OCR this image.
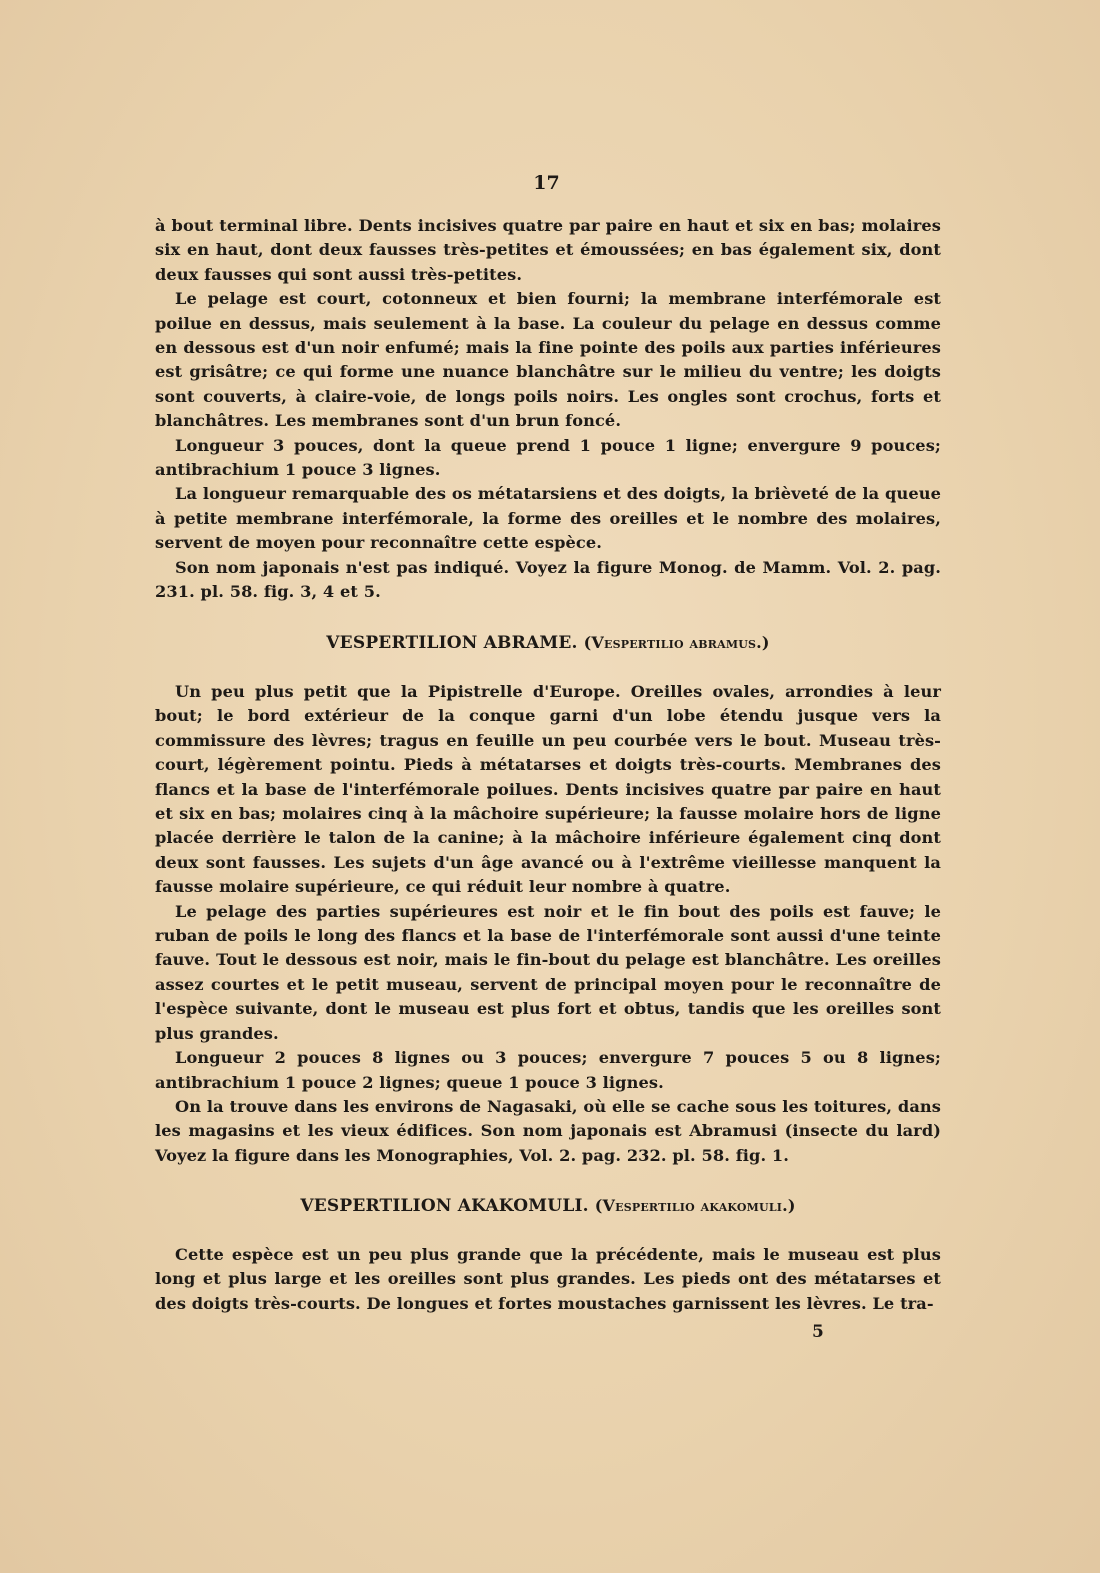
17

à bout terminal libre. Dents incisives quatre par paire en haut et six en bas; molaires six en haut, dont deux fausses très-petites et émoussées; en bas également six, dont deux fausses qui sont aussi très-petites.

Le pelage est court, cotonneux et bien fourni; la membrane interfémorale est poilue en dessus, mais seulement à la base. La couleur du pelage en dessus comme en dessous est d'un noir enfumé; mais la fine pointe des poils aux parties inférieures est grisâtre; ce qui forme une nuance blanchâtre sur le milieu du ventre; les doigts sont couverts, à claire-voie, de longs poils noirs. Les ongles sont crochus, forts et blanchâtres. Les membranes sont d'un brun foncé.

Longueur 3 pouces, dont la queue prend 1 pouce 1 ligne; envergure 9 pouces; antibrachium 1 pouce 3 lignes.

La longueur remarquable des os métatarsiens et des doigts, la brièveté de la queue à petite membrane interfémorale, la forme des oreilles et le nombre des molaires, servent de moyen pour reconnaître cette espèce.

Son nom japonais n'est pas indiqué. Voyez la figure Monog. de Mamm. Vol. 2. pag. 231. pl. 58. fig. 3, 4 et 5.

VESPERTILION ABRAME. (Vespertilio abramus.)

Un peu plus petit que la Pipistrelle d'Europe. Oreilles ovales, arrondies à leur bout; le bord extérieur de la conque garni d'un lobe étendu jusque vers la commissure des lèvres; tragus en feuille un peu courbée vers le bout. Museau très-court, légèrement pointu. Pieds à métatarses et doigts très-courts. Membranes des flancs et la base de l'interfémorale poilues. Dents incisives quatre par paire en haut et six en bas; molaires cinq à la mâchoire supérieure; la fausse molaire hors de ligne placée derrière le talon de la canine; à la mâchoire inférieure également cinq dont deux sont fausses. Les sujets d'un âge avancé ou à l'extrême vieillesse manquent la fausse molaire supérieure, ce qui réduit leur nombre à quatre.

Le pelage des parties supérieures est noir et le fin bout des poils est fauve; le ruban de poils le long des flancs et la base de l'interfémorale sont aussi d'une teinte fauve. Tout le dessous est noir, mais le fin-bout du pelage est blanchâtre. Les oreilles assez courtes et le petit museau, servent de principal moyen pour le reconnaître de l'espèce suivante, dont le museau est plus fort et obtus, tandis que les oreilles sont plus grandes.

Longueur 2 pouces 8 lignes ou 3 pouces; envergure 7 pouces 5 ou 8 lignes; antibrachium 1 pouce 2 lignes; queue 1 pouce 3 lignes.

On la trouve dans les environs de Nagasaki, où elle se cache sous les toitures, dans les magasins et les vieux édifices. Son nom japonais est Abramusi (insecte du lard) Voyez la figure dans les Monographies, Vol. 2. pag. 232. pl. 58. fig. 1.

VESPERTILION AKAKOMULI. (Vespertilio akakomuli.)

Cette espèce est un peu plus grande que la précédente, mais le museau est plus long et plus large et les oreilles sont plus grandes. Les pieds ont des métatarses et des doigts très-courts. De longues et fortes moustaches garnissent les lèvres. Le tra-

5
